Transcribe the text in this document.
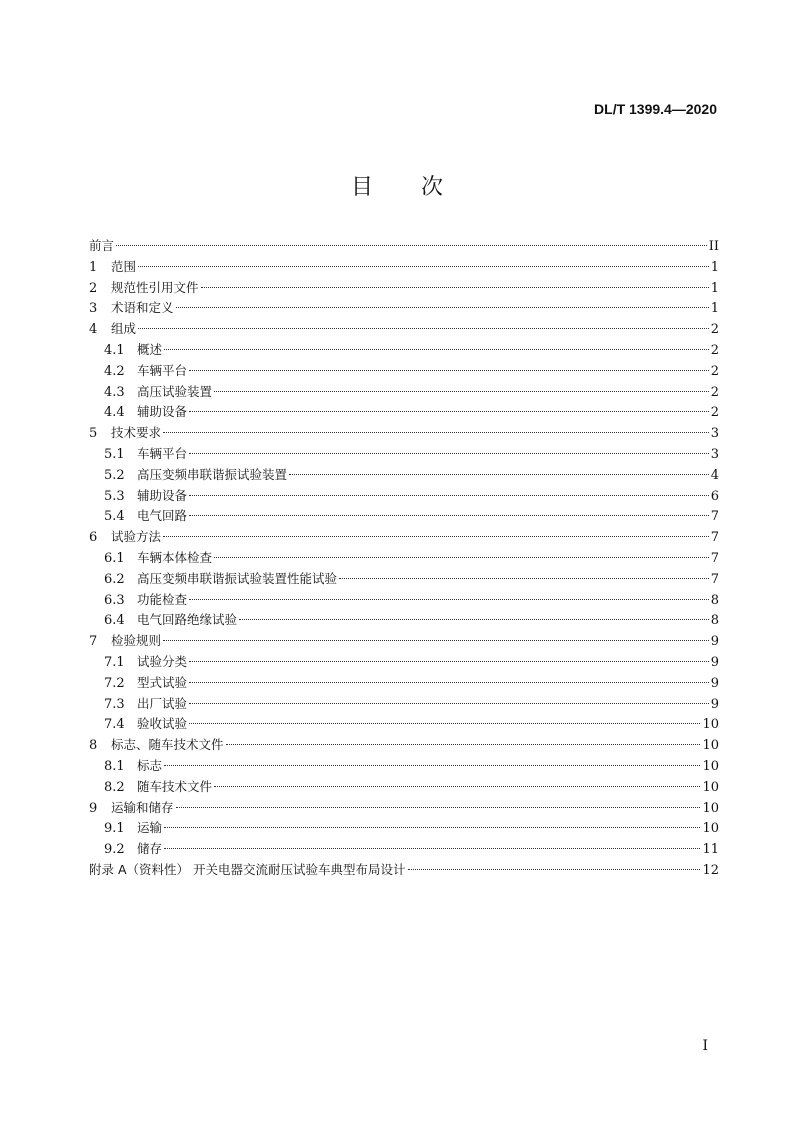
DL/T 1399.4—2020
目 次
前言	II
1	范围	1
2	规范性引用文件	1
3	术语和定义	1
4	组成	2
4.1 概述	2
4.2 车辆平台	2
4.3 高压试验装置	2
4.4 辅助设备	2
5	技术要求	3
5.1 车辆平台	3
5.2 高压变频串联谐振试验装置	4
5.3 辅助设备	6
5.4 电气回路	7
6	试验方法	7
6.1 车辆本体检查	7
6.2 高压变频串联谐振试验装置性能试验	7
6.3 功能检查	8
6.4 电气回路绝缘试验	8
7	检验规则	9
7.1 试验分类	9
7.2 型式试验	9
7.3 出厂试验	9
7.4 验收试验	10
8	标志、随车技术文件	10
8.1 标志	10
8.2 随车技术文件	10
9	运输和储存	10
9.1 运输	10
9.2 储存	11
附录 A（资料性） 开关电器交流耐压试验车典型布局设计	12
I
